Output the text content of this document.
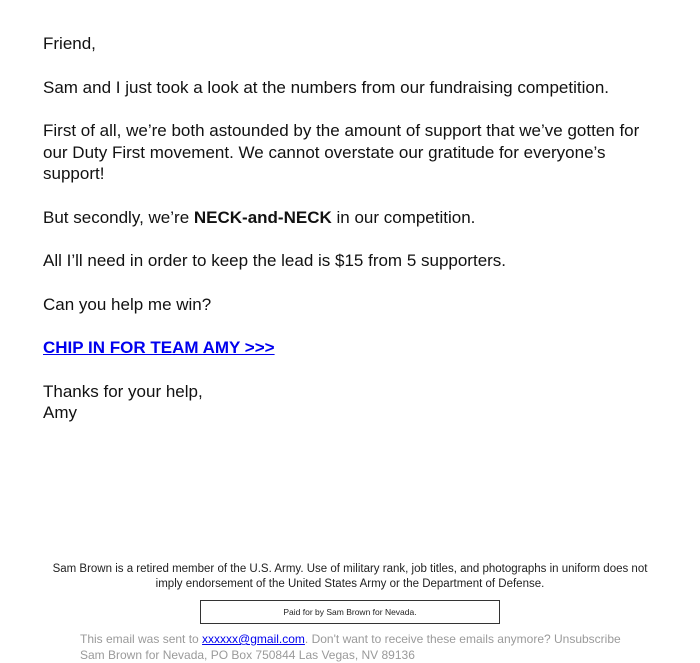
Friend,

Sam and I just took a look at the numbers from our fundraising competition.

First of all, we’re both astounded by the amount of support that we’ve gotten for our Duty First movement. We cannot overstate our gratitude for everyone’s support!

But secondly, we’re NECK-and-NECK in our competition.

All I’ll need in order to keep the lead is $15 from 5 supporters.

Can you help me win?

CHIP IN FOR TEAM AMY >>>

Thanks for your help,
Amy

Sam Brown is a retired member of the U.S. Army. Use of military rank, job titles, and photographs in uniform does not imply endorsement of the United States Army or the Department of Defense.
Paid for by Sam Brown for Nevada.
This email was sent to xxxxxx@gmail.com. Don't want to receive these emails anymore? Unsubscribe
Sam Brown for Nevada, PO Box 750844 Las Vegas, NV 89136
